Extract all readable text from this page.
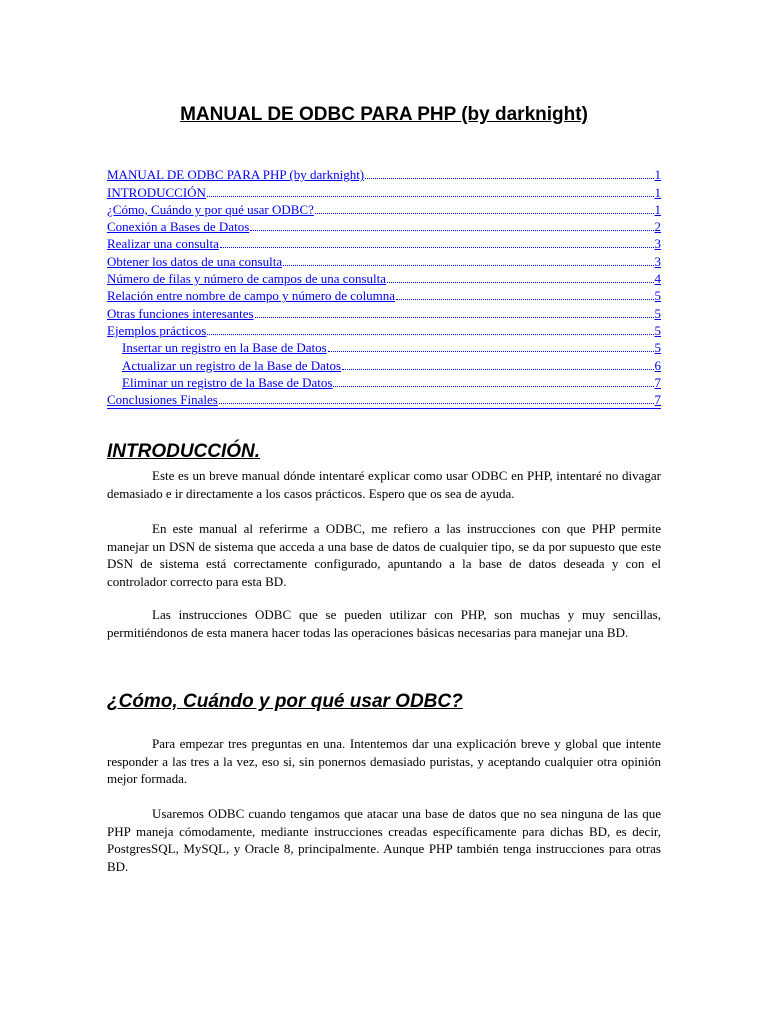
MANUAL DE ODBC PARA PHP (by darknight)
MANUAL DE ODBC PARA PHP (by darknight)	1
INTRODUCCIÓN	1
¿Cómo, Cuándo y por qué usar ODBC?	1
Conexión a Bases de Datos	2
Realizar una consulta	3
Obtener los datos de una consulta	3
Número de filas y número de campos de una consulta	4
Relación entre nombre de campo y número de columna	5
Otras funciones interesantes	5
Ejemplos prácticos	5
Insertar un registro en la Base de Datos	5
Actualizar un registro de la Base de Datos	6
Eliminar un registro de la Base de Datos	7
Conclusiones Finales	7
INTRODUCCIÓN.

Este es un breve manual dónde intentaré explicar como usar ODBC en PHP, intentaré no divagar demasiado e ir directamente a los casos prácticos. Espero que os sea de ayuda.

En este manual al referirme a ODBC, me refiero a las instrucciones con que PHP permite manejar un DSN de sistema que acceda a una base de datos de cualquier tipo, se da por supuesto que este DSN de sistema está correctamente configurado, apuntando a la base de datos deseada y con el controlador correcto para esta BD.

Las instrucciones ODBC que se pueden utilizar con PHP, son muchas y muy sencillas, permitiéndonos de esta manera hacer todas las operaciones básicas necesarias para manejar una BD.

¿Cómo, Cuándo y por qué usar ODBC?

Para empezar tres preguntas en una. Intentemos dar una explicación breve y global que intente responder a las tres a la vez, eso si, sin ponernos demasiado puristas, y aceptando cualquier otra opinión mejor formada.

Usaremos ODBC cuando tengamos que atacar una base de datos que no sea ninguna de las que PHP maneja cómodamente, mediante instrucciones creadas específicamente para dichas BD, es decir, PostgresSQL, MySQL, y Oracle 8, principalmente. Aunque PHP también tenga instrucciones para otras BD.
